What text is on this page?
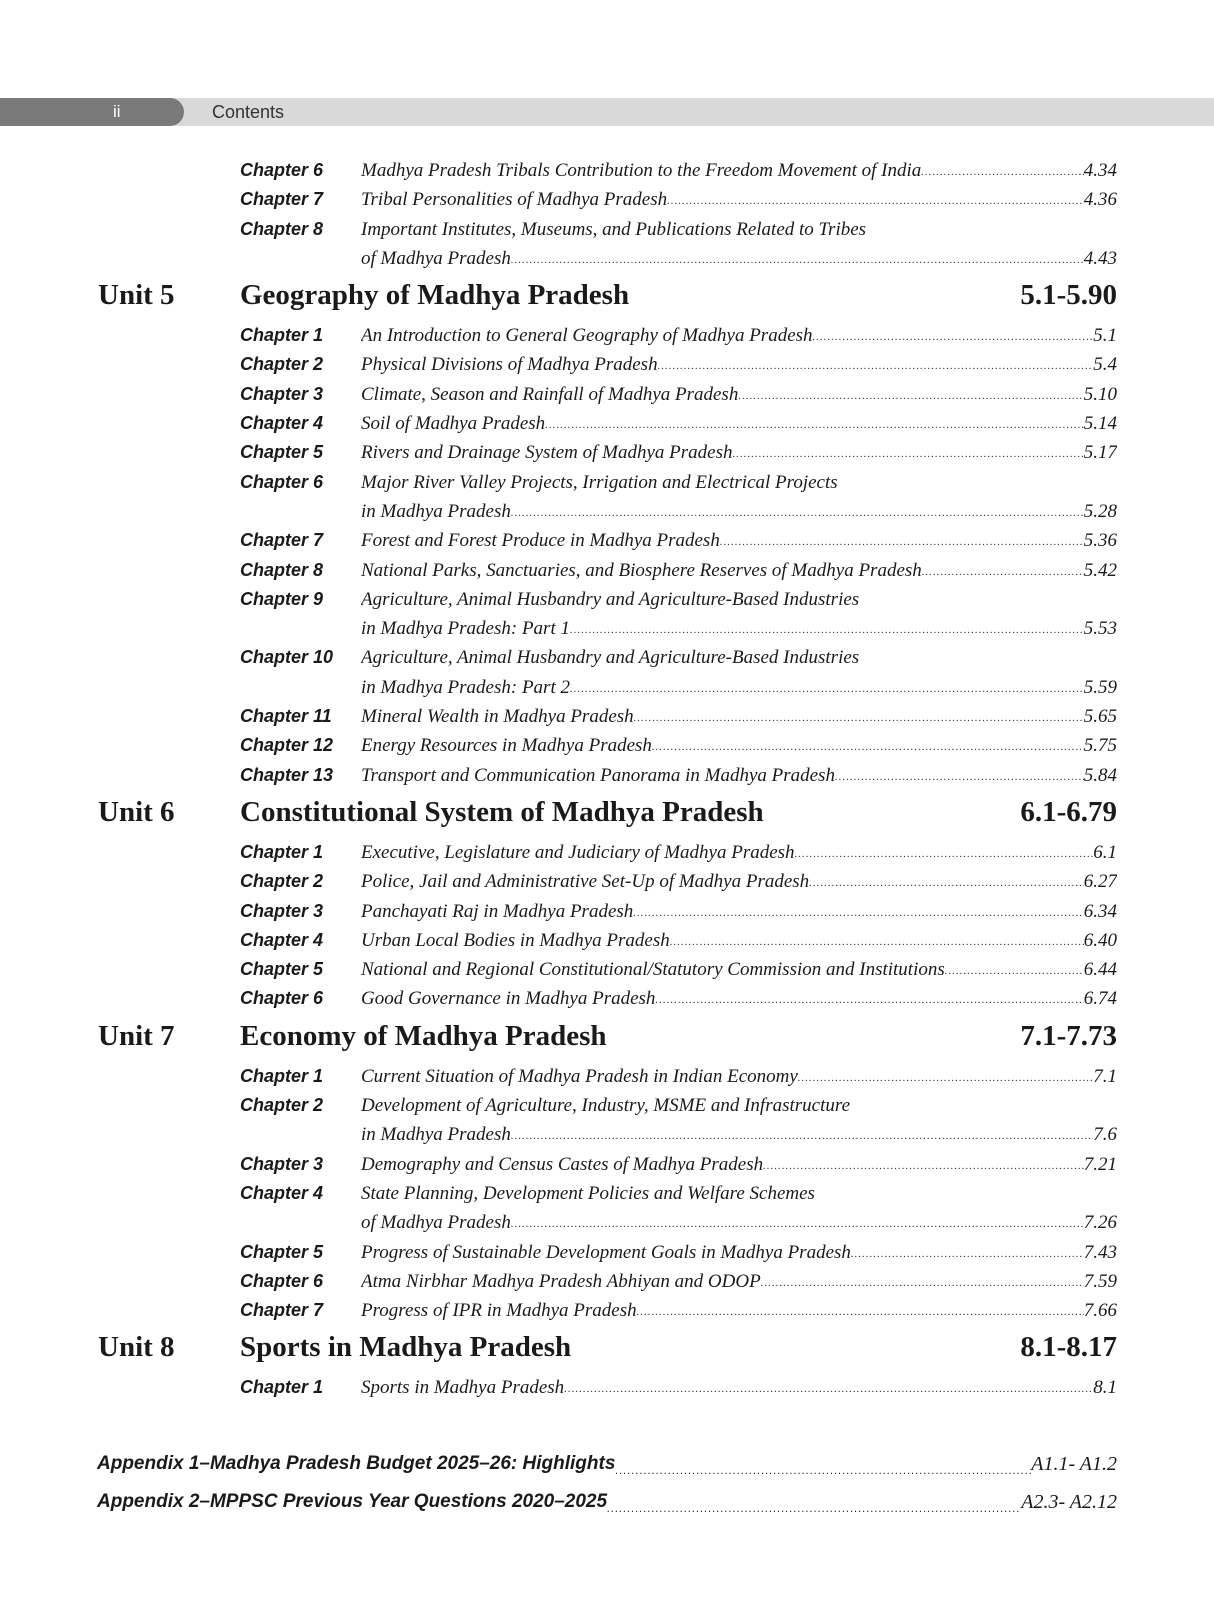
ii	Contents
Chapter 6 Madhya Pradesh Tribals Contribution to the Freedom Movement of India .....	4.34
Chapter 7 Tribal Personalities of Madhya Pradesh .....	4.36
Chapter 8 Important Institutes, Museums, and Publications Related to Tribes
of Madhya Pradesh .....	4.43
Unit 5 Geography of Madhya Pradesh	5.1-5.90
Chapter 1 An Introduction to General Geography of Madhya Pradesh .....	5.1
Chapter 2 Physical Divisions of Madhya Pradesh .....	5.4
Chapter 3 Climate, Season and Rainfall of Madhya Pradesh .....	5.10
Chapter 4 Soil of Madhya Pradesh .....	5.14
Chapter 5 Rivers and Drainage System of Madhya Pradesh .....	5.17
Chapter 6 Major River Valley Projects, Irrigation and Electrical Projects
in Madhya Pradesh .....	5.28
Chapter 7 Forest and Forest Produce in Madhya Pradesh .....	5.36
Chapter 8 National Parks, Sanctuaries, and Biosphere Reserves of Madhya Pradesh .....	5.42
Chapter 9 Agriculture, Animal Husbandry and Agriculture-Based Industries
in Madhya Pradesh: Part 1 .....	5.53
Chapter 10 Agriculture, Animal Husbandry and Agriculture-Based Industries
in Madhya Pradesh: Part 2 .....	5.59
Chapter 11 Mineral Wealth in Madhya Pradesh .....	5.65
Chapter 12 Energy Resources in Madhya Pradesh .....	5.75
Chapter 13 Transport and Communication Panorama in Madhya Pradesh .....	5.84
Unit 6 Constitutional System of Madhya Pradesh	6.1-6.79
Chapter 1 Executive, Legislature and Judiciary of Madhya Pradesh .....	6.1
Chapter 2 Police, Jail and Administrative Set-Up of Madhya Pradesh .....	6.27
Chapter 3 Panchayati Raj in Madhya Pradesh .....	6.34
Chapter 4 Urban Local Bodies in Madhya Pradesh .....	6.40
Chapter 5 National and Regional Constitutional/Statutory Commission and Institutions .....	6.44
Chapter 6 Good Governance in Madhya Pradesh .....	6.74
Unit 7 Economy of Madhya Pradesh	7.1-7.73
Chapter 1 Current Situation of Madhya Pradesh in Indian Economy .....	7.1
Chapter 2 Development of Agriculture, Industry, MSME and Infrastructure
in Madhya Pradesh .....	7.6
Chapter 3 Demography and Census Castes of Madhya Pradesh .....	7.21
Chapter 4 State Planning, Development Policies and Welfare Schemes
of Madhya Pradesh .....	7.26
Chapter 5 Progress of Sustainable Development Goals in Madhya Pradesh .....	7.43
Chapter 6 Atma Nirbhar Madhya Pradesh Abhiyan and ODOP .....	7.59
Chapter 7 Progress of IPR in Madhya Pradesh .....	7.66
Unit 8 Sports in Madhya Pradesh	8.1-8.17
Chapter 1 Sports in Madhya Pradesh .....	8.1
Appendix 1–Madhya Pradesh Budget 2025–26: Highlights .....	A1.1- A1.2
Appendix 2–MPPSC Previous Year Questions 2020–2025 .....	A2.3- A2.12
